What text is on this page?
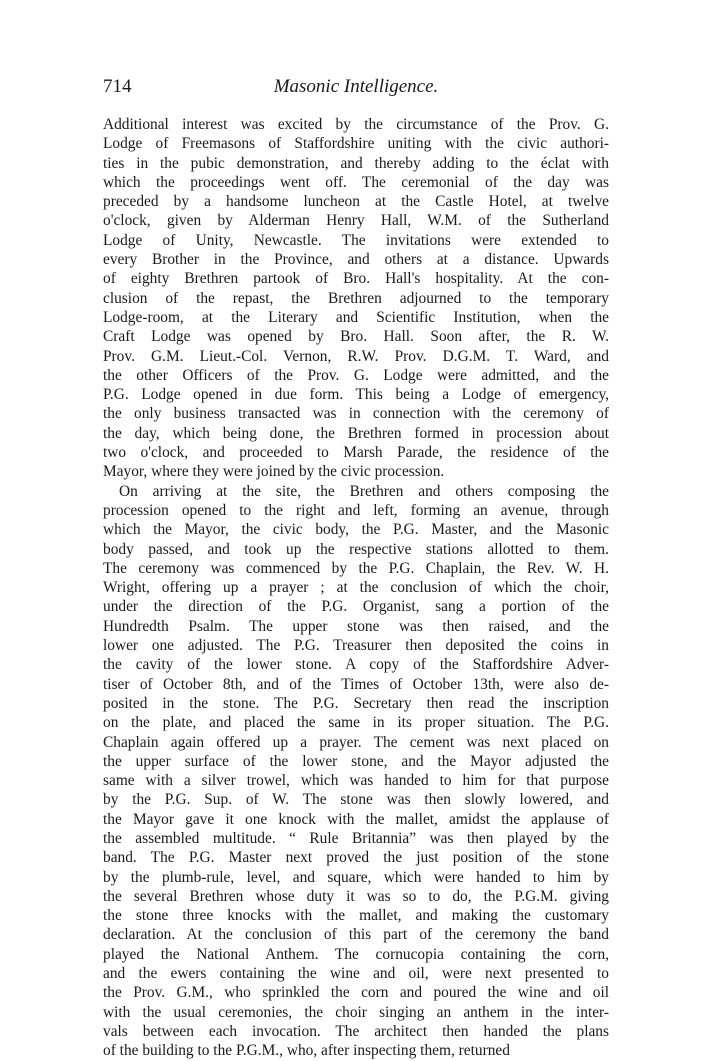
714	Masonic Intelligence.
Additional interest was excited by the circumstance of the Prov. G.
Lodge of Freemasons of Staffordshire uniting with the civic authori-
ties in the pubic demonstration, and thereby adding to the éclat with
which the proceedings went off. The ceremonial of the day was
preceded by a handsome luncheon at the Castle Hotel, at twelve
o'clock, given by Alderman Henry Hall, W.M. of the Sutherland
Lodge of Unity, Newcastle. The invitations were extended to
every Brother in the Province, and others at a distance. Upwards
of eighty Brethren partook of Bro. Hall's hospitality. At the con-
clusion of the repast, the Brethren adjourned to the temporary
Lodge-room, at the Literary and Scientific Institution, when the
Craft Lodge was opened by Bro. Hall. Soon after, the R. W.
Prov. G.M. Lieut.-Col. Vernon, R.W. Prov. D.G.M. T. Ward, and
the other Officers of the Prov. G. Lodge were admitted, and the
P.G. Lodge opened in due form. This being a Lodge of emergency,
the only business transacted was in connection with the ceremony of
the day, which being done, the Brethren formed in procession about
two o'clock, and proceeded to Marsh Parade, the residence of the
Mayor, where they were joined by the civic procession.
On arriving at the site, the Brethren and others composing the
procession opened to the right and left, forming an avenue, through
which the Mayor, the civic body, the P.G. Master, and the Masonic
body passed, and took up the respective stations allotted to them.
The ceremony was commenced by the P.G. Chaplain, the Rev. W. H.
Wright, offering up a prayer ; at the conclusion of which the choir,
under the direction of the P.G. Organist, sang a portion of the
Hundredth Psalm. The upper stone was then raised, and the
lower one adjusted. The P.G. Treasurer then deposited the coins in
the cavity of the lower stone. A copy of the Staffordshire Adver-
tiser of October 8th, and of the Times of October 13th, were also de-
posited in the stone. The P.G. Secretary then read the inscription
on the plate, and placed the same in its proper situation. The P.G.
Chaplain again offered up a prayer. The cement was next placed on
the upper surface of the lower stone, and the Mayor adjusted the
same with a silver trowel, which was handed to him for that purpose
by the P.G. Sup. of W. The stone was then slowly lowered, and
the Mayor gave it one knock with the mallet, amidst the applause of
the assembled multitude. “ Rule Britannia” was then played by the
band. The P.G. Master next proved the just position of the stone
by the plumb-rule, level, and square, which were handed to him by
the several Brethren whose duty it was so to do, the P.G.M. giving
the stone three knocks with the mallet, and making the customary
declaration. At the conclusion of this part of the ceremony the band
played the National Anthem. The cornucopia containing the corn,
and the ewers containing the wine and oil, were next presented to
the Prov. G.M., who sprinkled the corn and poured the wine and oil
with the usual ceremonies, the choir singing an anthem in the inter-
vals between each invocation. The architect then handed the plans
of the building to the P.G.M., who, after inspecting them, returned
